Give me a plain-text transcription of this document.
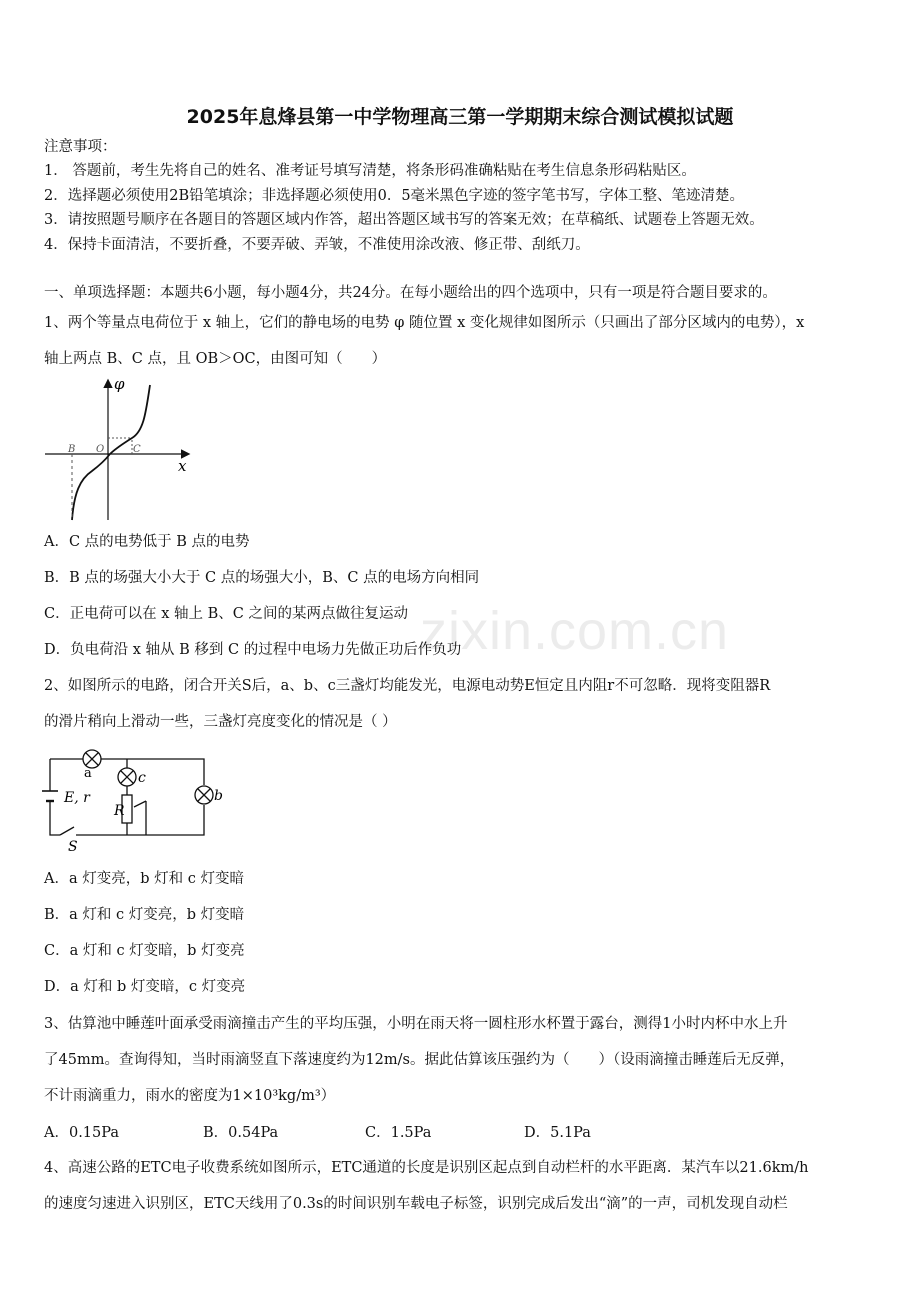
zixin.com.cn
2025年息烽县第一中学物理高三第一学期期末综合测试模拟试题
注意事项：
1． 答题前，考生先将自己的姓名、准考证号填写清楚，将条形码准确粘贴在考生信息条形码粘贴区。
2．选择题必须使用2B铅笔填涂；非选择题必须使用0．5毫米黑色字迹的签字笔书写，字体工整、笔迹清楚。
3．请按照题号顺序在各题目的答题区域内作答，超出答题区域书写的答案无效；在草稿纸、试题卷上答题无效。
4．保持卡面清洁，不要折叠，不要弄破、弄皱，不准使用涂改液、修正带、刮纸刀。
一、单项选择题：本题共6小题，每小题4分，共24分。在每小题给出的四个选项中，只有一项是符合题目要求的。
1、两个等量点电荷位于 x 轴上，它们的静电场的电势 φ 随位置 x 变化规律如图所示（只画出了部分区域内的电势），x
轴上两点 B、C 点，且 OB＞OC，由图可知（　　）
φ
x
B O	C
A．C 点的电势低于 B 点的电势
B．B 点的场强大小大于 C 点的场强大小，B、C 点的电场方向相同
C．正电荷可以在 x 轴上 B、C 之间的某两点做往复运动
D．负电荷沿 x 轴从 B 移到 C 的过程中电场力先做正功后作负功
2、如图所示的电路，闭合开关S后，a、b、c三盏灯均能发光，电源电动势E恒定且内阻r不可忽略．现将变阻器R
的滑片稍向上滑动一些，三盏灯亮度变化的情况是（ ）
a	c
b
E, r
R
S
A．a 灯变亮，b 灯和 c 灯变暗
B．a 灯和 c 灯变亮，b 灯变暗
C．a 灯和 c 灯变暗，b 灯变亮
D．a 灯和 b 灯变暗，c 灯变亮
3、估算池中睡莲叶面承受雨滴撞击产生的平均压强，小明在雨天将一圆柱形水杯置于露台，测得1小时内杯中水上升
了45mm。查询得知，当时雨滴竖直下落速度约为12m/s。据此估算该压强约为（　　）（设雨滴撞击睡莲后无反弹，
不计雨滴重力，雨水的密度为1×10³kg/m³）
A．0.15Pa	B．0.54Pa	C．1.5Pa	D．5.1Pa
4、高速公路的ETC电子收费系统如图所示，ETC通道的长度是识别区起点到自动栏杆的水平距离．某汽车以21.6km/h
的速度匀速进入识别区，ETC天线用了0.3s的时间识别车载电子标签，识别完成后发出“滴”的一声，司机发现自动栏
